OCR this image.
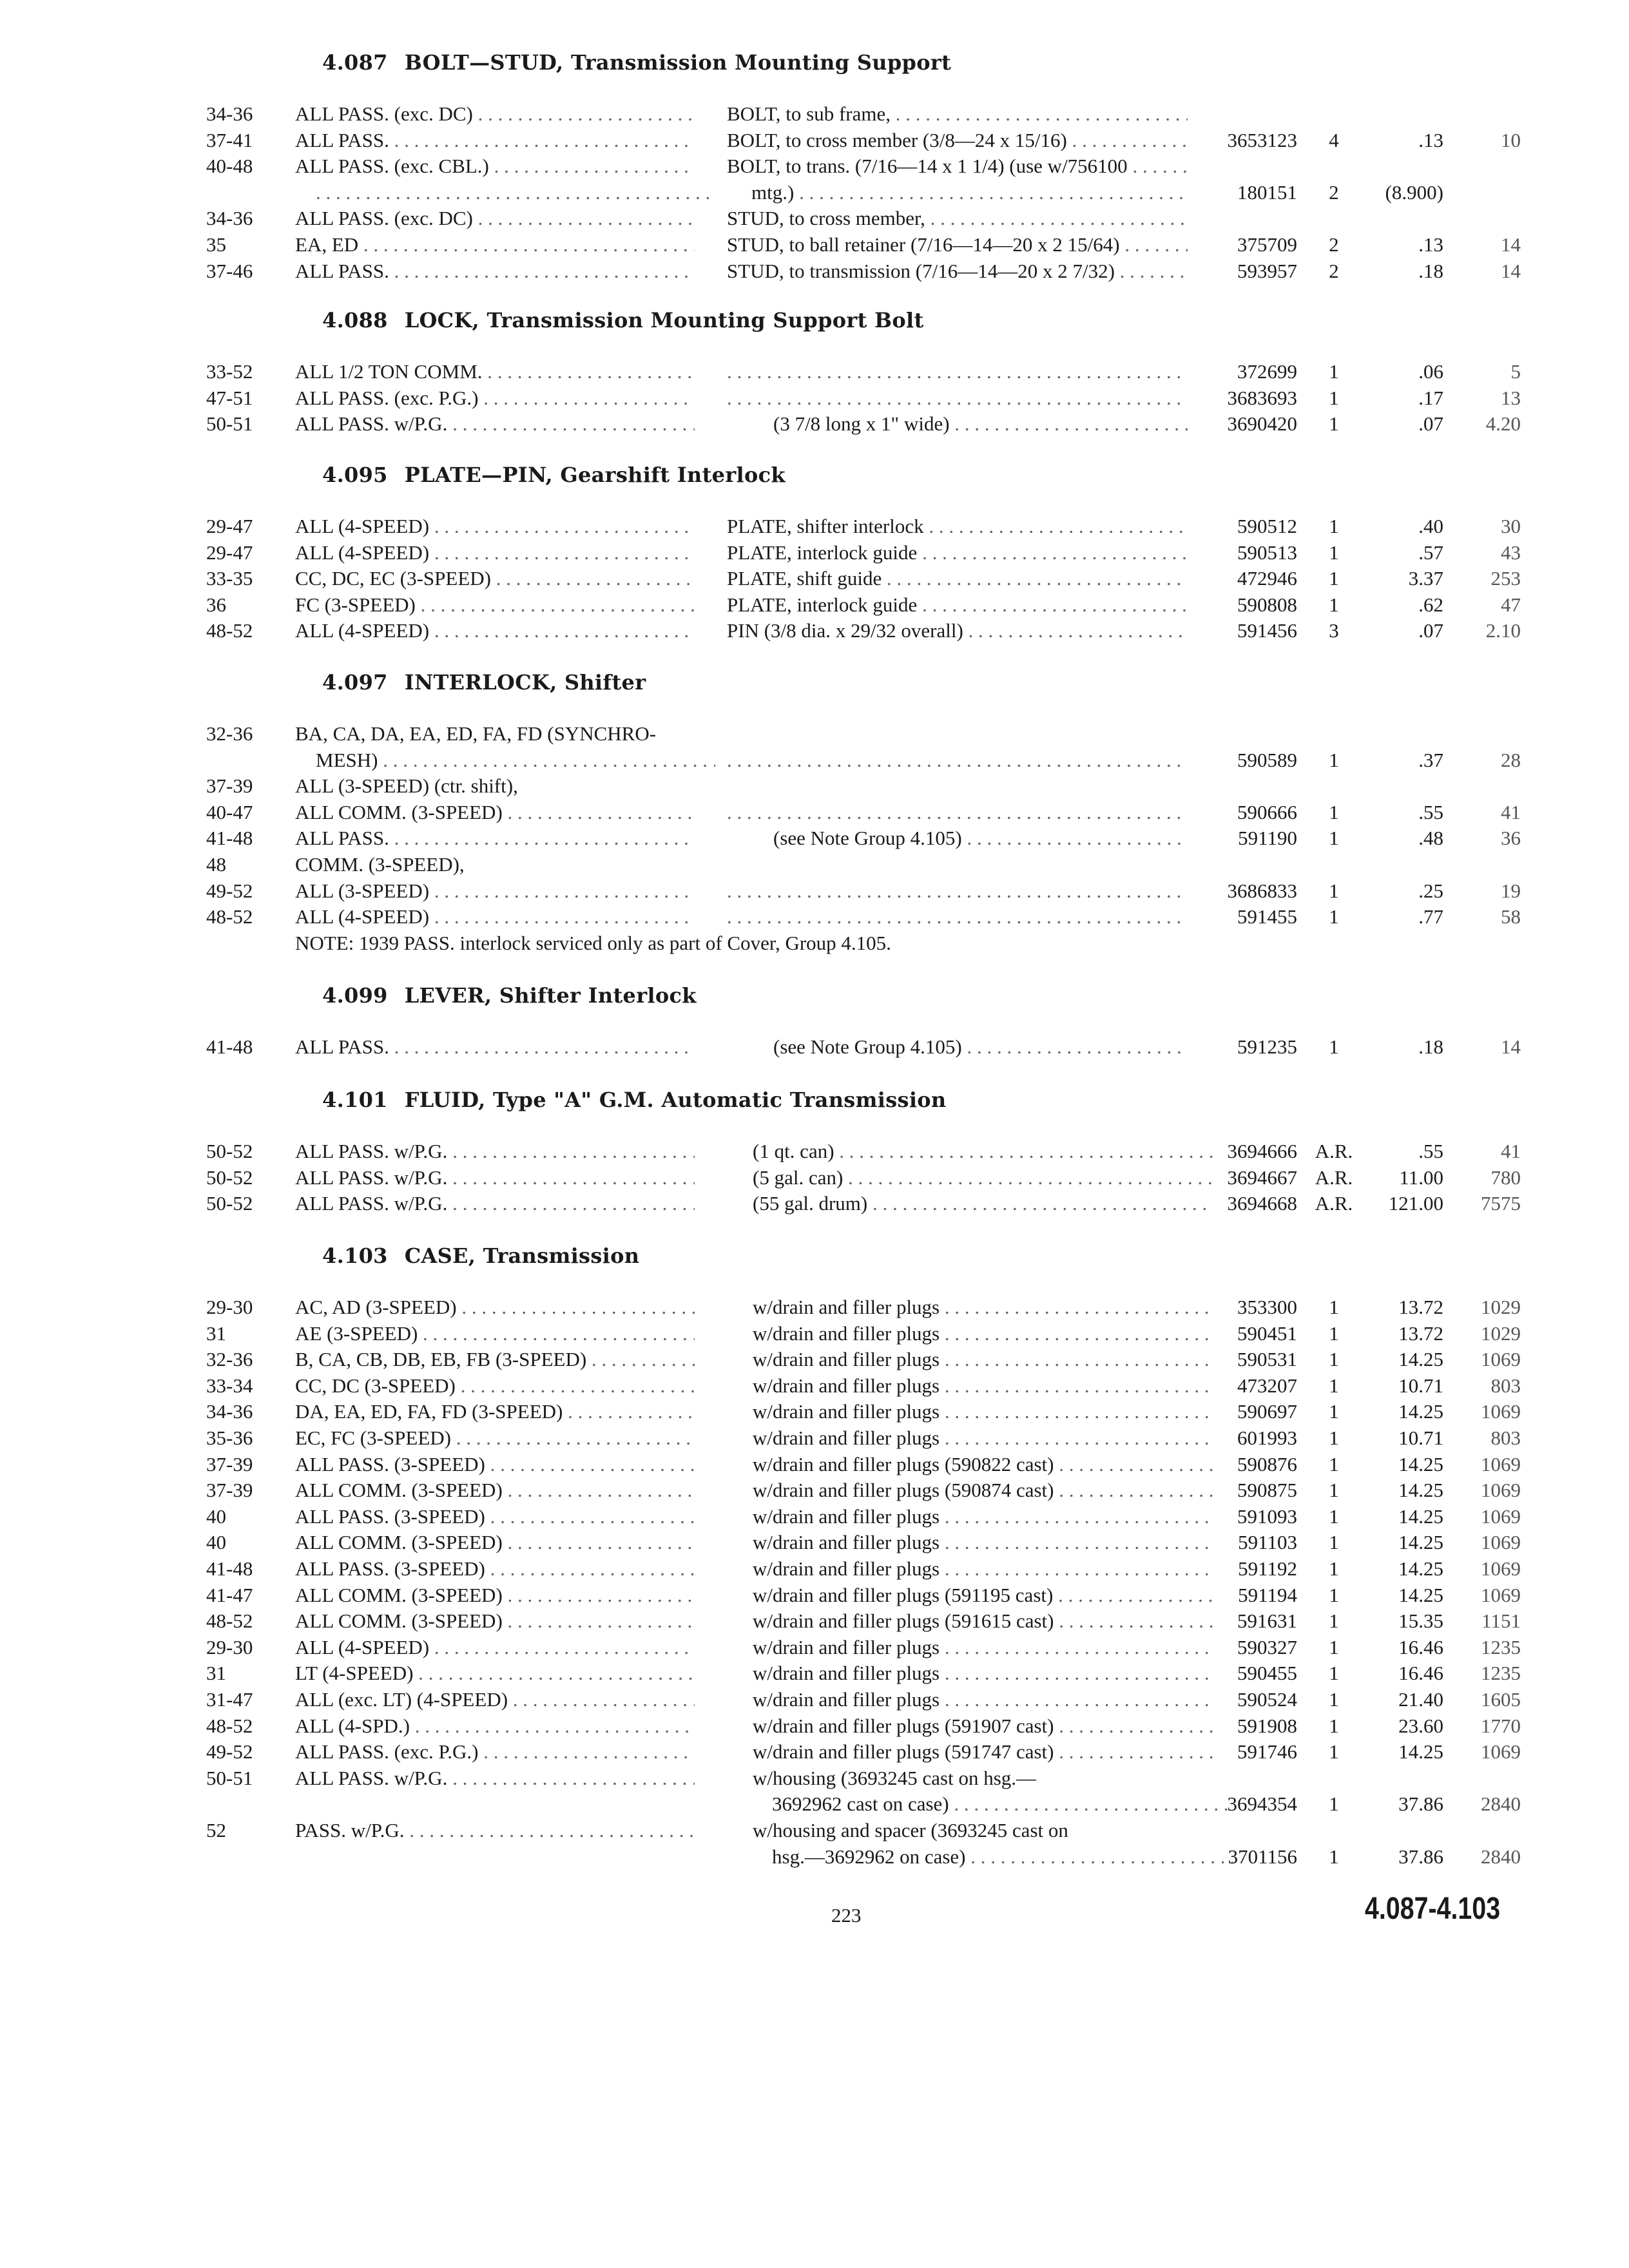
4.087 BOLT—STUD, Transmission Mounting Support
34-36 ALL PASS. (exc. DC) . . .	BOLT, to sub frame, . . .
37-41 ALL PASS. . . .	BOLT, to cross member (3/8—24 x 15/16) . . .	3653123	4	.13	10
40-48 ALL PASS. (exc. CBL.) . . .	BOLT, to trans. (7/16—14 x 1 1/4) (use w/756100 . . .
. . .
mtg.) . . .	180151	2	(8.900)
34-36 ALL PASS. (exc. DC) . . .	STUD, to cross member, . . .
35	EA, ED . . .	STUD, to ball retainer (7/16—14—20 x 2 15/64) . . .	375709	2	.13	14
37-46 ALL PASS. . . .	STUD, to transmission (7/16—14—20 x 2 7/32) . . .	593957	2	.18	14
4.088 LOCK, Transmission Mounting Support Bolt
33-52 ALL 1/2 TON COMM. . . . . . .	372699	1	.06	5
47-51 ALL PASS. (exc. P.G.) . . . . . .	3683693	1	.17	13
50-51 ALL PASS. w/P.G. . . .	(3 7/8 long x 1" wide) . . .	3690420	1	.07	4.20
4.095 PLATE—PIN, Gearshift Interlock
29-47 ALL (4-SPEED) . . .	PLATE, shifter interlock . . .	590512	1	.40	30
29-47 ALL (4-SPEED) . . .	PLATE, interlock guide . . .	590513	1	.57	43
33-35 CC, DC, EC (3-SPEED) . . .	PLATE, shift guide . . .	472946	1	3.37	253
36	FC (3-SPEED) . . .	PLATE, interlock guide . . .	590808	1	.62	47
48-52 ALL (4-SPEED) . . .	PIN (3/8 dia. x 29/32 overall) . . .	591456	3	.07	2.10
4.097 INTERLOCK, Shifter
32-36 BA, CA, DA, EA, ED, FA, FD (SYNCHRO-
MESH) . . . . . .	590589	1	.37	28
37-39 ALL (3-SPEED) (ctr. shift),
40-47 ALL COMM. (3-SPEED) . . . . . .	590666	1	.55	41
41-48 ALL PASS. . . .	(see Note Group 4.105) . . .	591190	1	.48	36
48	COMM. (3-SPEED),
49-52 ALL (3-SPEED) . . . . . .	3686833	1	.25	19
48-52 ALL (4-SPEED) . . . . . .	591455	1	.77	58
NOTE: 1939 PASS. interlock serviced only as part of Cover, Group 4.105.
4.099 LEVER, Shifter Interlock
41-48 ALL PASS. . . .	(see Note Group 4.105) . . .	591235	1	.18	14
4.101 FLUID, Type "A" G.M. Automatic Transmission
50-52 ALL PASS. w/P.G. . . .	(1 qt. can) . . .	3694666 A.R.	.55	41
50-52 ALL PASS. w/P.G. . . .	(5 gal. can) . . .	3694667 A.R.	11.00	780
50-52 ALL PASS. w/P.G. . . .	(55 gal. drum) . . .	3694668 A.R.	121.00	7575
4.103 CASE, Transmission
29-30 AC, AD (3-SPEED) . . .	w/drain and filler plugs . . .	353300	1	13.72	1029
31	AE (3-SPEED) . . .	w/drain and filler plugs . . .	590451	1	13.72	1029
32-36 B, CA, CB, DB, EB, FB (3-SPEED) . . .	w/drain and filler plugs . . .	590531	1	14.25	1069
33-34 CC, DC (3-SPEED) . . .	w/drain and filler plugs . . .	473207	1	10.71	803
34-36 DA, EA, ED, FA, FD (3-SPEED) . . .	w/drain and filler plugs . . .	590697	1	14.25	1069
35-36 EC, FC (3-SPEED) . . .	w/drain and filler plugs . . .	601993	1	10.71	803
37-39 ALL PASS. (3-SPEED) . . .	w/drain and filler plugs (590822 cast) . . .	590876	1	14.25	1069
37-39 ALL COMM. (3-SPEED) . . .	w/drain and filler plugs (590874 cast) . . .	590875	1	14.25	1069
40	ALL PASS. (3-SPEED) . . .	w/drain and filler plugs . . .	591093	1	14.25	1069
40	ALL COMM. (3-SPEED) . . .	w/drain and filler plugs . . .	591103	1	14.25	1069
41-48 ALL PASS. (3-SPEED) . . .	w/drain and filler plugs . . .	591192	1	14.25	1069
41-47 ALL COMM. (3-SPEED) . . .	w/drain and filler plugs (591195 cast) . . .	591194	1	14.25	1069
48-52 ALL COMM. (3-SPEED) . . .	w/drain and filler plugs (591615 cast) . . .	591631	1	15.35	1151
29-30 ALL (4-SPEED) . . .	w/drain and filler plugs . . .	590327	1	16.46	1235
31	LT (4-SPEED) . . .	w/drain and filler plugs . . .	590455	1	16.46	1235
31-47 ALL (exc. LT) (4-SPEED) . . .	w/drain and filler plugs . . .	590524	1	21.40	1605
48-52 ALL (4-SPD.) . . .	w/drain and filler plugs (591907 cast) . . .	591908	1	23.60	1770
49-52 ALL PASS. (exc. P.G.) . . .	w/drain and filler plugs (591747 cast) . . .	591746	1	14.25	1069
50-51 ALL PASS. w/P.G. . . .	w/housing (3693245 cast on hsg.—
3692962 cast on case) . . .	3694354	1	37.86	2840
52	PASS. w/P.G. . . .	w/housing and spacer (3693245 cast on
hsg.—3692962 on case) . . .	3701156	1	37.86	2840
223	4.087-4.103
